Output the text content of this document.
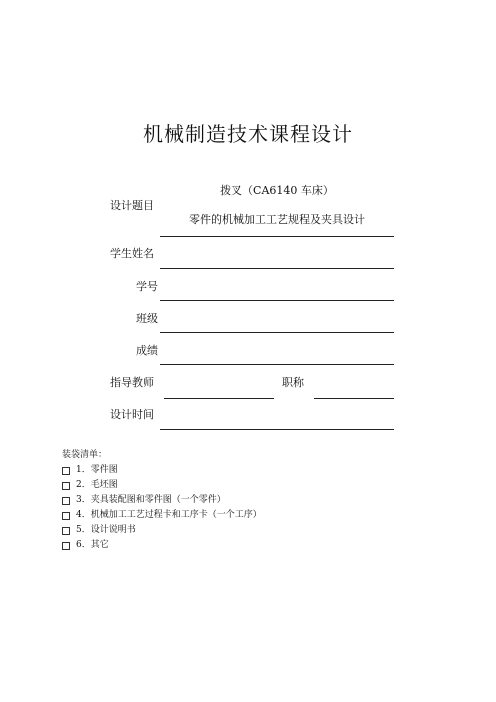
机械制造技术课程设计
设计题目
拨叉（CA6140 车床）
零件的机械加工工艺规程及夹具设计
学生姓名
学号
班级
成绩
指导教师	职称
设计时间
装袋清单：
1．零件图
2．毛坯图
3．夹具装配图和零件图（一个零件）
4．机械加工工艺过程卡和工序卡（一个工序）
5．设计说明书
6．其它
